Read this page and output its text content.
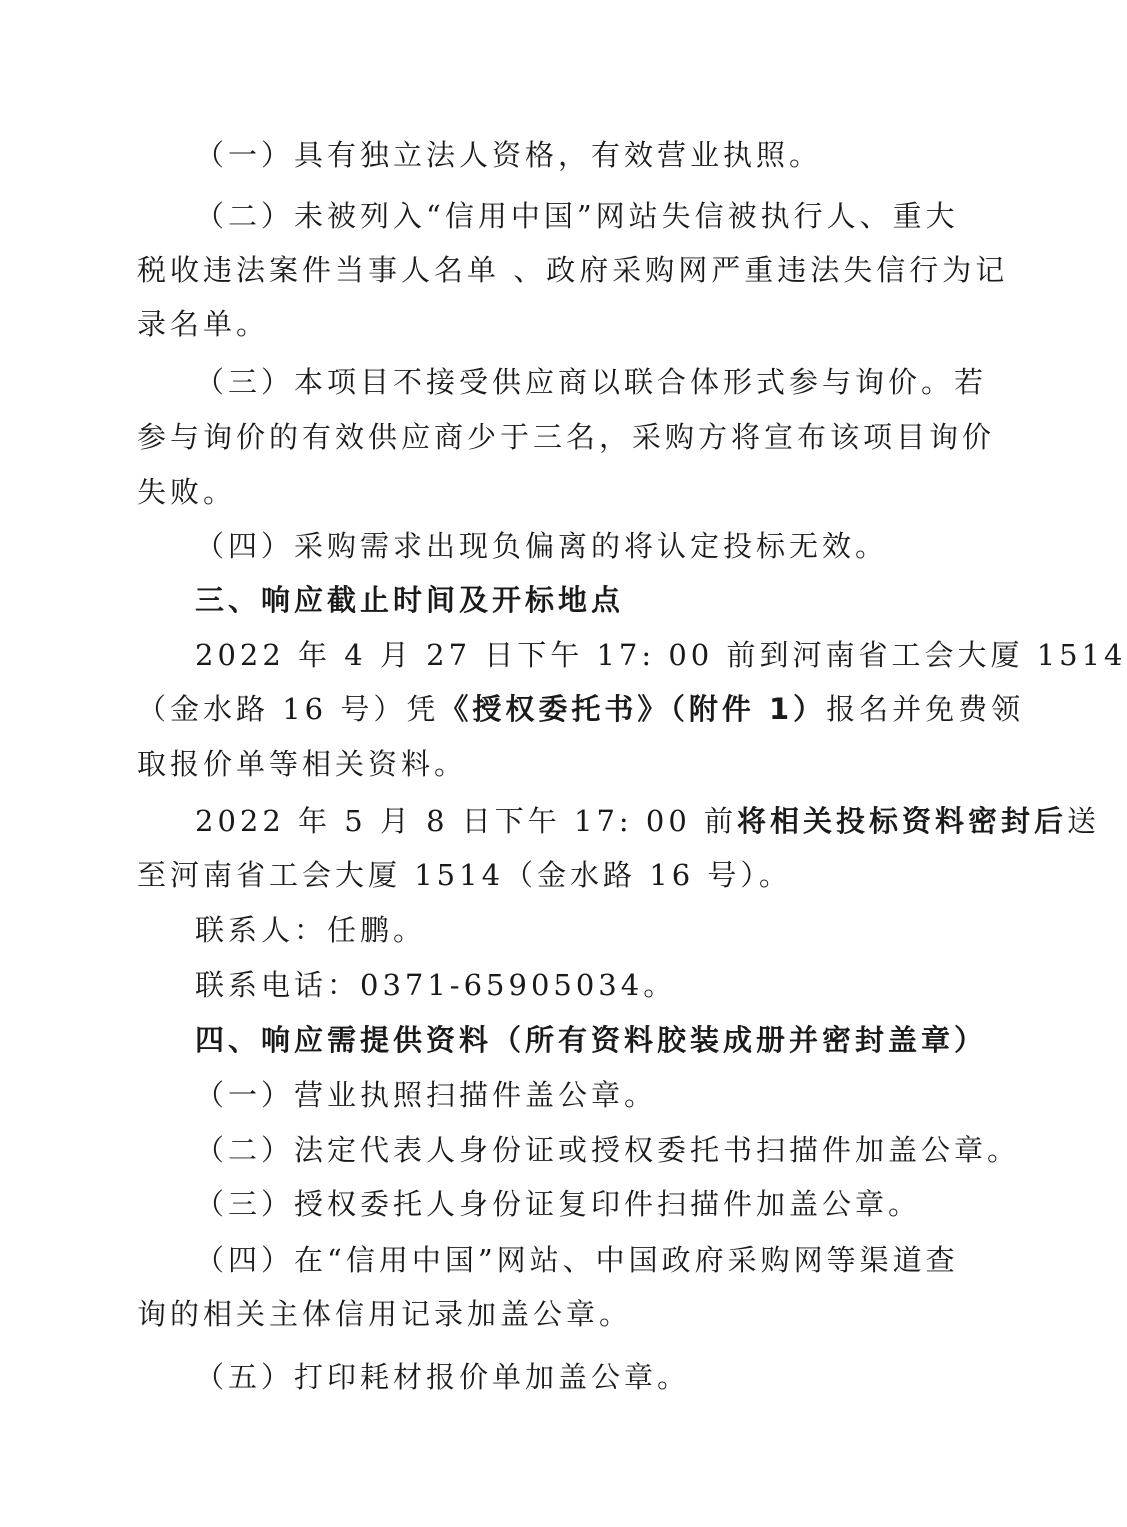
（一）具有独立法人资格，有效营业执照。
（二）未被列入“信用中国”网站失信被执行人、重大
税收违法案件当事人名单 、政府采购网严重违法失信行为记
录名单。
（三）本项目不接受供应商以联合体形式参与询价。若
参与询价的有效供应商少于三名，采购方将宣布该项目询价
失败。
（四）采购需求出现负偏离的将认定投标无效。
三、响应截止时间及开标地点
2022 年 4 月 27 日下午 17: 00 前到河南省工会大厦 1514
（金水路 16 号）凭《授权委托书》（附件 1）报名并免费领
取报价单等相关资料。
2022 年 5 月 8 日下午 17: 00 前将相关投标资料密封后送
至河南省工会大厦 1514（金水路 16 号）。
联系人：任鹏。
联系电话：0371-65905034。
四、响应需提供资料（所有资料胶装成册并密封盖章）
（一）营业执照扫描件盖公章。
（二）法定代表人身份证或授权委托书扫描件加盖公章。
（三）授权委托人身份证复印件扫描件加盖公章。
（四）在“信用中国”网站、中国政府采购网等渠道查
询的相关主体信用记录加盖公章。
（五）打印耗材报价单加盖公章。
